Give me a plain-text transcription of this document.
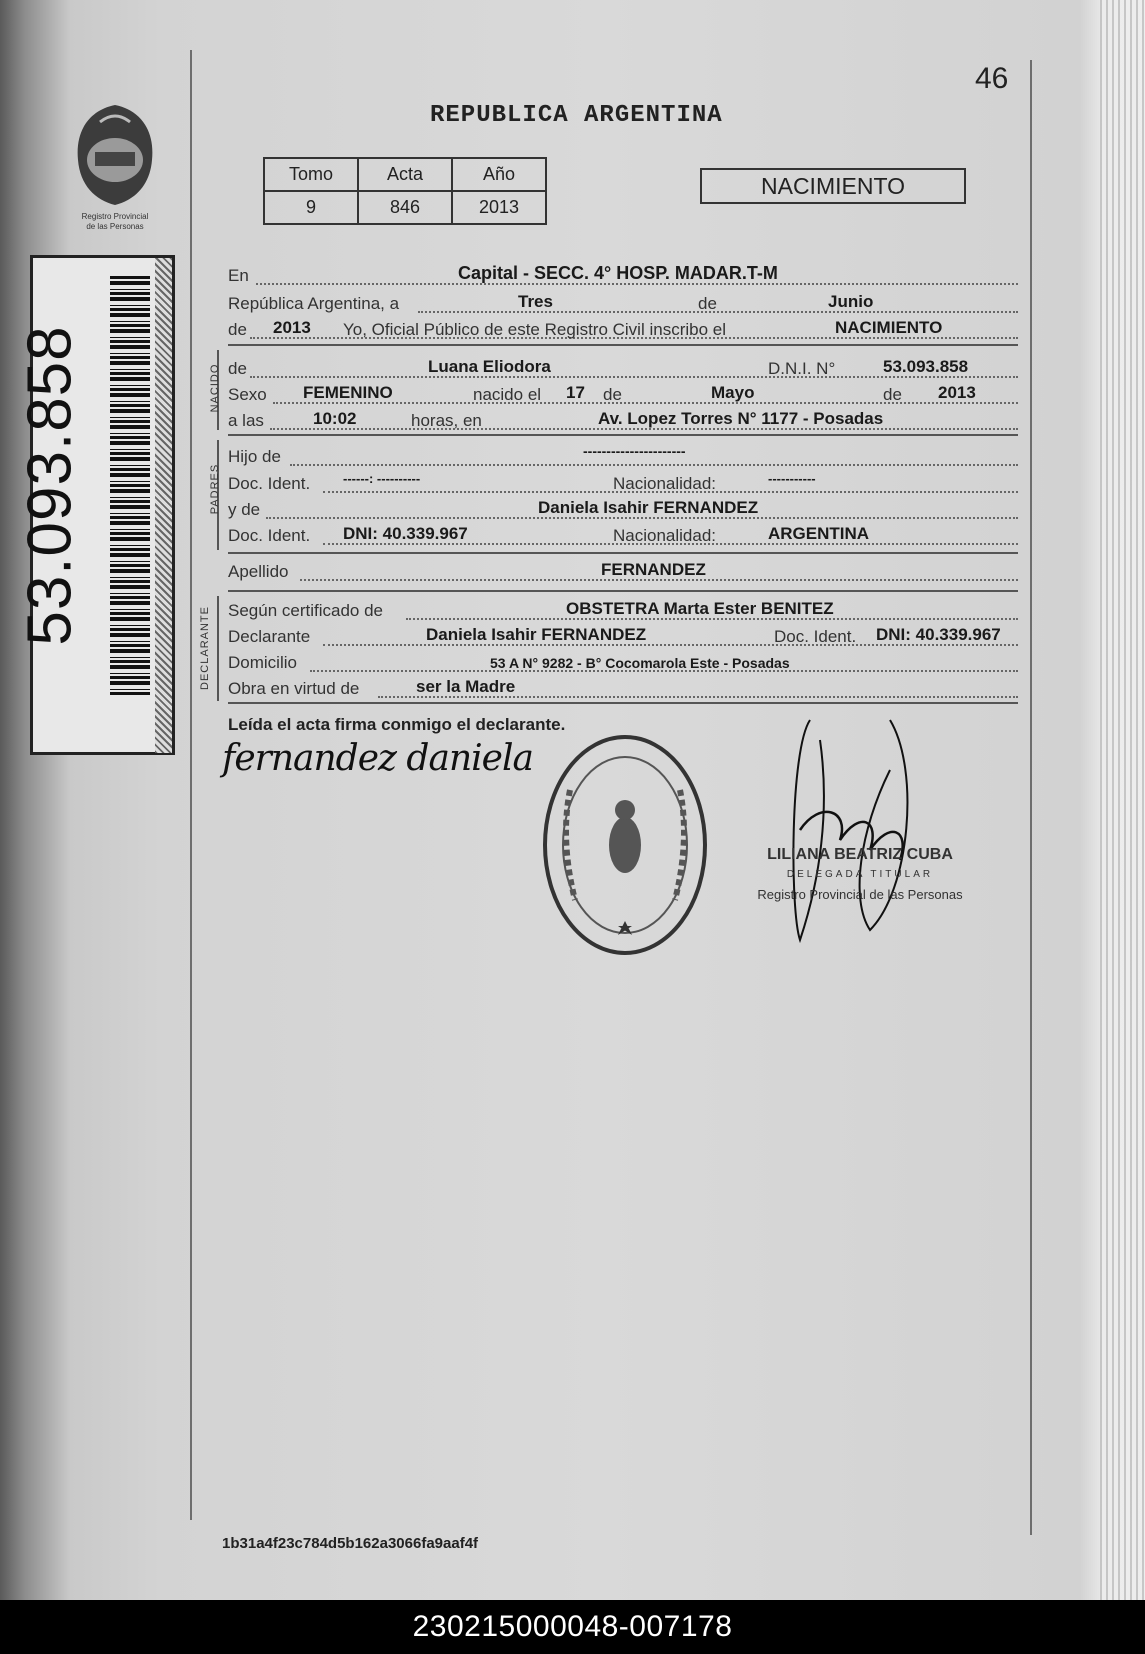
Registro Provincial
de las Personas
53.093.858
46
REPUBLICA ARGENTINA
Tomo	Acta	Año
9	846	2013
NACIMIENTO
En	Capital - SECC. 4° HOSP. MADAR.T-M
República Argentina, a	Tres	de	Junio
de 2013 Yo, Oficial Público de este Registro Civil inscribo el	NACIMIENTO
NACIDO de	Luana Eliodora	D.N.I. N°	53.093.858
Sexo FEMENINO	nacido el 17 de	Mayo	de 2013
a las	10:02	horas, en	Av. Lopez Torres N° 1177 - Posadas
PADRES
Hijo de	----------------------
Doc. Ident.	------: ----------	Nacionalidad:	-----------
y de	Daniela Isahir FERNANDEZ
Doc. Ident. DNI: 40.339.967	Nacionalidad:	ARGENTINA
Apellido	FERNANDEZ
DECLARANTE Según certificado de	OBSTETRA Marta Ester BENITEZ
Declarante	Daniela Isahir FERNANDEZ	Doc. Ident. DNI: 40.339.967
Domicilio	53 A N° 9282 - B° Cocomarola Este - Posadas
Obra en virtud de	ser la Madre
Leída el acta firma conmigo el declarante.
fernandez daniela
LILIANA BEATRIZ CUBA
DELEGADA TITULAR
Registro Provincial de las Personas
1b31a4f23c784d5b162a3066fa9aaf4f
230215000048-007178
